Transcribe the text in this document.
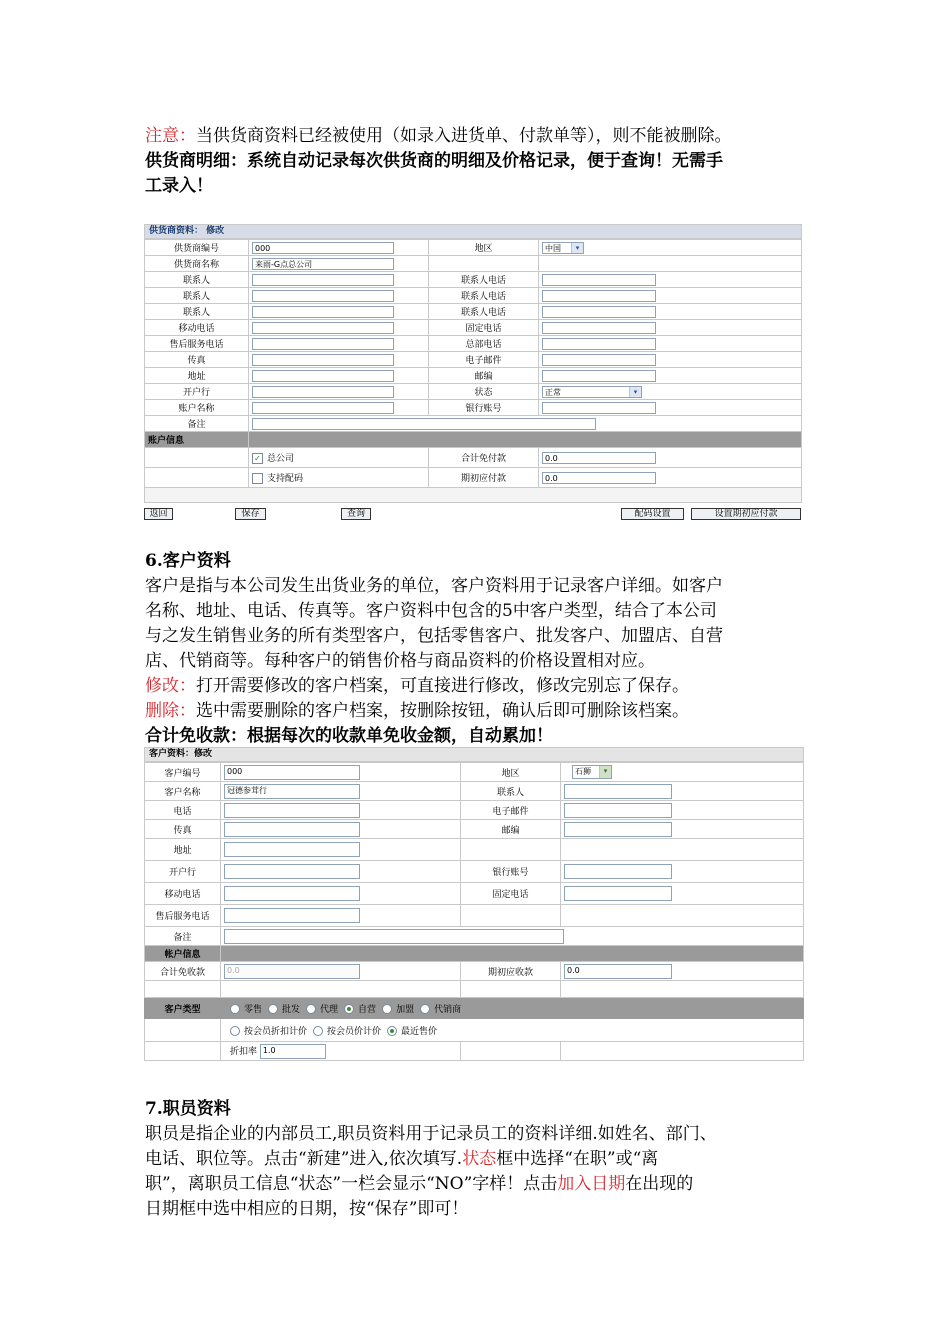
注意：当供货商资料已经被使用（如录入进货单、付款单等），则不能被删除。

供货商明细：系统自动记录每次供货商的明细及价格记录，便于查询！无需手

工录入！

供货商资料： 修改
供货商编号	000	地区	中国 ▾

供货商名称	来雨-G点总公司		
联系人		联系人电话	
联系人		联系人电话	
联系人		联系人电话	
移动电话		固定电话	
售后服务电话		总部电话	
传真		电子邮件	
地址		邮编	
开户行		状态	正常 ▾

账户名称		银行账号	
备注			
账户信息			
	✓ 总公司	合计免付款	0.0
	支持配码	期初应付款	0.0

返回	保存	查询	配码设置	设置期初应付款

6.客户资料

客户是指与本公司发生出货业务的单位，客户资料用于记录客户详细。如客户

名称、地址、电话、传真等。客户资料中包含的5中客户类型，结合了本公司

与之发生销售业务的所有类型客户，包括零售客户、批发客户、加盟店、自营

店、代销商等。每种客户的销售价格与商品资料的价格设置相对应。

修改：打开需要修改的客户档案，可直接进行修改，修改完别忘了保存。

删除：选中需要删除的客户档案，按删除按钮，确认后即可删除该档案。

合计免收款：根据每次的收款单免收金额，自动累加！

客户资料：修改
客户编号	000	地区	石狮 ▾

客户名称	冠德参茸行	联系人	
电话		电子邮件	
传真		邮编	
地址			
开户行		银行账号	
移动电话		固定电话	
售后服务电话			
备注			
帐户信息			
合计免收款	0.0	期初应收款	0.0

客户类型	零售 批发 代理 自营 加盟 代销商		
	按会员折扣计价 按会员价计价 最近售价		
	折扣率 1.0		

7.职员资料

职员是指企业的内部员工,职员资料用于记录员工的资料详细.如姓名、部门、

电话、职位等。点击“新建”进入,依次填写.状态框中选择“在职”或“离

职”，离职员工信息“状态”一栏会显示“NO”字样！点击加入日期在出现的

日期框中选中相应的日期，按“保存”即可！
